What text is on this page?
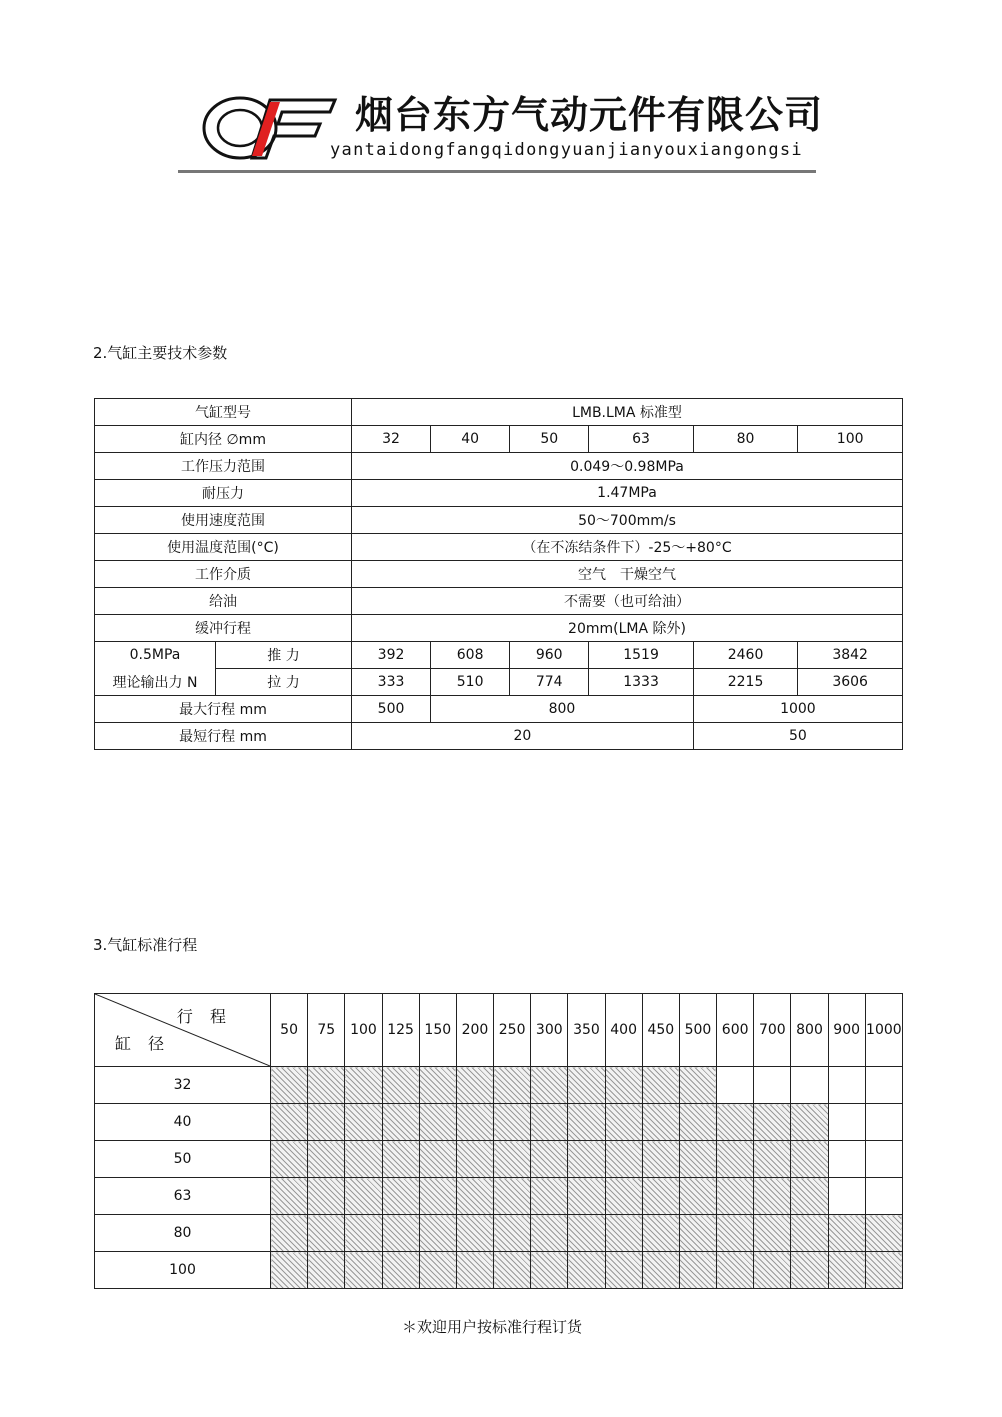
烟台东方气动元件有限公司
yantaidongfangqidongyuanjianyouxiangongsi
2.气缸主要技术参数
气缸型号		LMB.LMA 标准型					
缸内径 ∅mm		32	40	50	63	80	100
工作压力范围		0.049～0.98MPa					
耐压力		1.47MPa					
使用速度范围		50～700mm/s					
使用温度范围(°C)		（在不冻结条件下）-25～+80°C					
工作介质		空气　干燥空气					
给油		不需要（也可给油）					
缓冲行程		20mm(LMA 除外)					
0.5MPa	推 力	392	608	960	1519	2460	3842
理论输出力 N	拉 力	333	510	774	1333	2215	3606
最大行程 mm		500	800			1000	
最短行程 mm		20				50	
3.气缸标准行程
行 程
缸 径	50	75	100	125	150	200	250	300	350	400	450	500	600	700	800	900	1000
32																	
40																	
50																	
63																	
80																	
100																	
＊欢迎用户按标准行程订货
